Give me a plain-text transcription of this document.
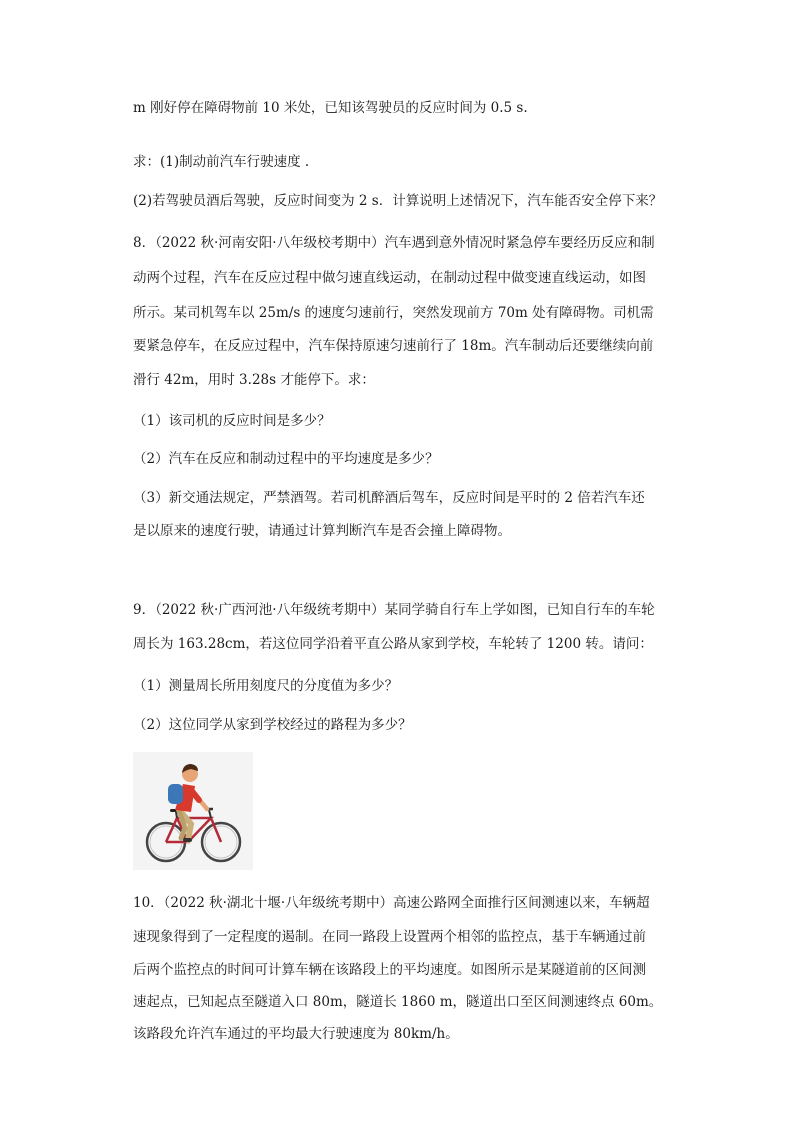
m 刚好停在障碍物前 10 米处，已知该驾驶员的反应时间为 0.5 s.
求：(1)制动前汽车行驶速度 .
(2)若驾驶员酒后驾驶，反应时间变为 2 s．计算说明上述情况下，汽车能否安全停下来？
8．（2022 秋·河南安阳·八年级校考期中）汽车遇到意外情况时紧急停车要经历反应和制
动两个过程，汽车在反应过程中做匀速直线运动，在制动过程中做变速直线运动，如图
所示。某司机驾车以 25m/s 的速度匀速前行，突然发现前方 70m 处有障碍物。司机需
要紧急停车，在反应过程中，汽车保持原速匀速前行了 18m。汽车制动后还要继续向前
滑行 42m，用时 3.28s 才能停下。求：
（1）该司机的反应时间是多少？
（2）汽车在反应和制动过程中的平均速度是多少？
（3）新交通法规定，严禁酒驾。若司机醉酒后驾车，反应时间是平时的 2 倍若汽车还
是以原来的速度行驶，请通过计算判断汽车是否会撞上障碍物。
9．（2022 秋·广西河池·八年级统考期中）某同学骑自行车上学如图，已知自行车的车轮
周长为 163.28cm，若这位同学沿着平直公路从家到学校，车轮转了 1200 转。请问：
（1）测量周长所用刻度尺的分度值为多少？
（2）这位同学从家到学校经过的路程为多少？
10．（2022 秋·湖北十堰·八年级统考期中）高速公路网全面推行区间测速以来，车辆超
速现象得到了一定程度的遏制。在同一路段上设置两个相邻的监控点，基于车辆通过前
后两个监控点的时间可计算车辆在该路段上的平均速度。如图所示是某隧道前的区间测
速起点，已知起点至隧道入口 80m，隧道长 1860 m，隧道出口至区间测速终点 60m。
该路段允许汽车通过的平均最大行驶速度为 80km/h。
